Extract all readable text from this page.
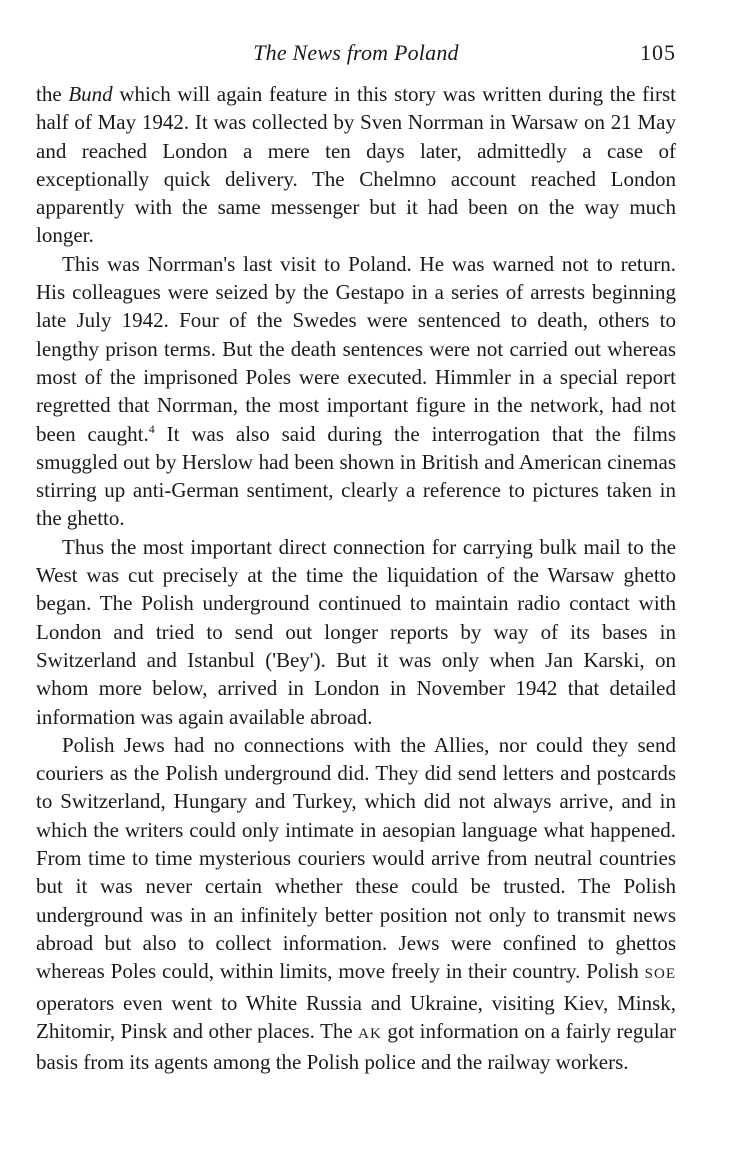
The News from Poland	105

the Bund which will again feature in this story was written during the first half of May 1942. It was collected by Sven Norrman in Warsaw on 21 May and reached London a mere ten days later, admittedly a case of exceptionally quick delivery. The Chelmno account reached London apparently with the same messenger but it had been on the way much longer.

This was Norrman's last visit to Poland. He was warned not to return. His colleagues were seized by the Gestapo in a series of arrests beginning late July 1942. Four of the Swedes were sentenced to death, others to lengthy prison terms. But the death sentences were not carried out whereas most of the imprisoned Poles were executed. Himmler in a special report regretted that Norrman, the most important figure in the network, had not been caught.$^4$ It was also said during the interrogation that the films smuggled out by Herslow had been shown in British and American cinemas stirring up anti-German sentiment, clearly a reference to pictures taken in the ghetto.

Thus the most important direct connection for carrying bulk mail to the West was cut precisely at the time the liquidation of the Warsaw ghetto began. The Polish underground continued to maintain radio contact with London and tried to send out longer reports by way of its bases in Switzerland and Istanbul ('Bey'). But it was only when Jan Karski, on whom more below, arrived in London in November 1942 that detailed information was again available abroad.

Polish Jews had no connections with the Allies, nor could they send couriers as the Polish underground did. They did send letters and postcards to Switzerland, Hungary and Turkey, which did not always arrive, and in which the writers could only intimate in aesopian language what happened. From time to time mysterious couriers would arrive from neutral countries but it was never certain whether these could be trusted. The Polish underground was in an infinitely better position not only to transmit news abroad but also to collect information. Jews were confined to ghettos whereas Poles could, within limits, move freely in their country. Polish SOE operators even went to White Russia and Ukraine, visiting Kiev, Minsk, Zhitomir, Pinsk and other places. The AK got information on a fairly regular basis from its agents among the Polish police and the railway workers.
